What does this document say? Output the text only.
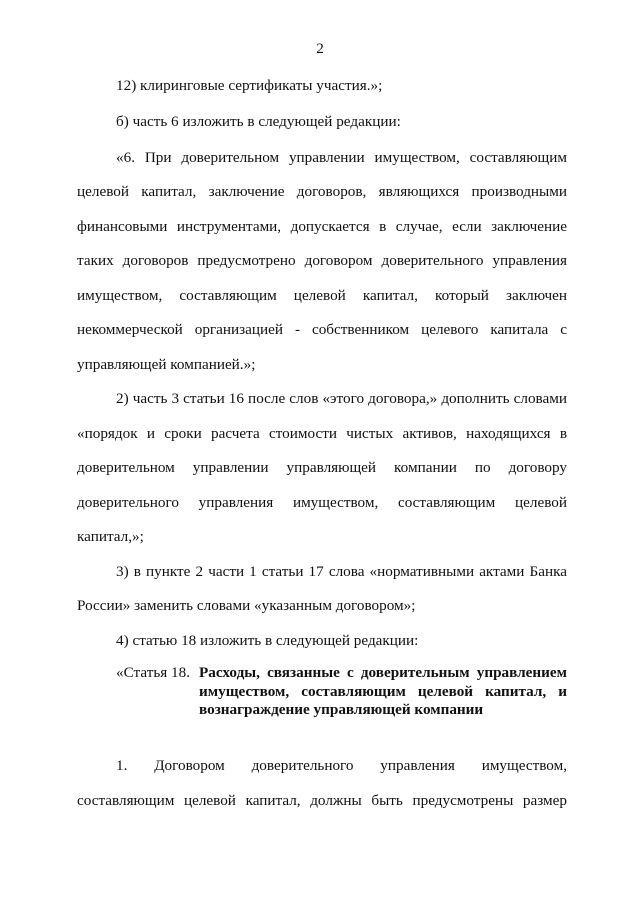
2
12) клиринговые сертификаты участия.»;
б) часть 6 изложить в следующей редакции:
«6. При доверительном управлении имуществом, составляющим
целевой капитал, заключение договоров, являющихся производными
финансовыми инструментами, допускается в случае, если заключение
таких договоров предусмотрено договором доверительного управления
имуществом, составляющим целевой капитал, который заключен
некоммерческой организацией - собственником целевого капитала с
управляющей компанией.»;
2) часть 3 статьи 16 после слов «этого договора,» дополнить словами
«порядок и сроки расчета стоимости чистых активов, находящихся в
доверительном управлении управляющей компании по договору
доверительного управления имуществом, составляющим целевой
капитал,»;
3) в пункте 2 части 1 статьи 17 слова «нормативными актами Банка
России» заменить словами «указанным договором»;
4) статью 18 изложить в следующей редакции:
«Статья 18. Расходы, связанные с доверительным управлением
имуществом, составляющим целевой капитал, и
вознаграждение управляющей компании
1. Договором доверительного управления имуществом,
составляющим целевой капитал, должны быть предусмотрены размер
